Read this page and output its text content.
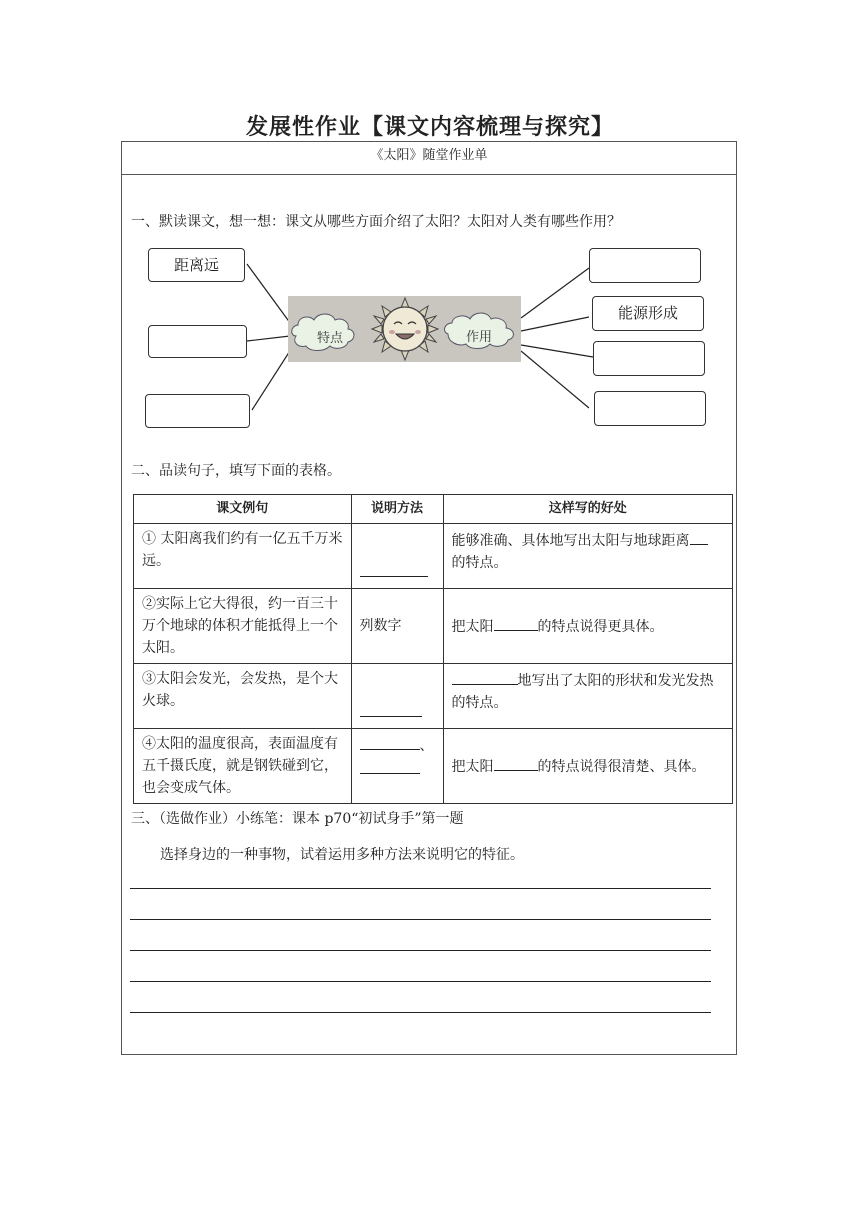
发展性作业【课文内容梳理与探究】
《太阳》随堂作业单
一、默读课文，想一想：课文从哪些方面介绍了太阳？太阳对人类有哪些作用？
距离远
能源形成
特点	作用
二、品读句子，填写下面的表格。
课文例句	说明方法	这样写的好处
① 太阳离我们约有一亿五千万米远。		能够准确、具体地写出太阳与地球距离
的特点。
②实际上它大得很，约一百三十万个地球的体积才能抵得上一个太阳。	列数字	把太阳 的特点说得更具体。
③太阳会发光，会发热，是个大火球。		地写出了太阳的形状和发光发热的特点。
④太阳的温度很高，表面温度有五千摄氏度，就是钢铁碰到它，也会变成气体。	、	把太阳 的特点说得很清楚、具体。
三、（选做作业）小练笔：课本 p70“初试身手”第一题
选择身边的一种事物，试着运用多种方法来说明它的特征。
